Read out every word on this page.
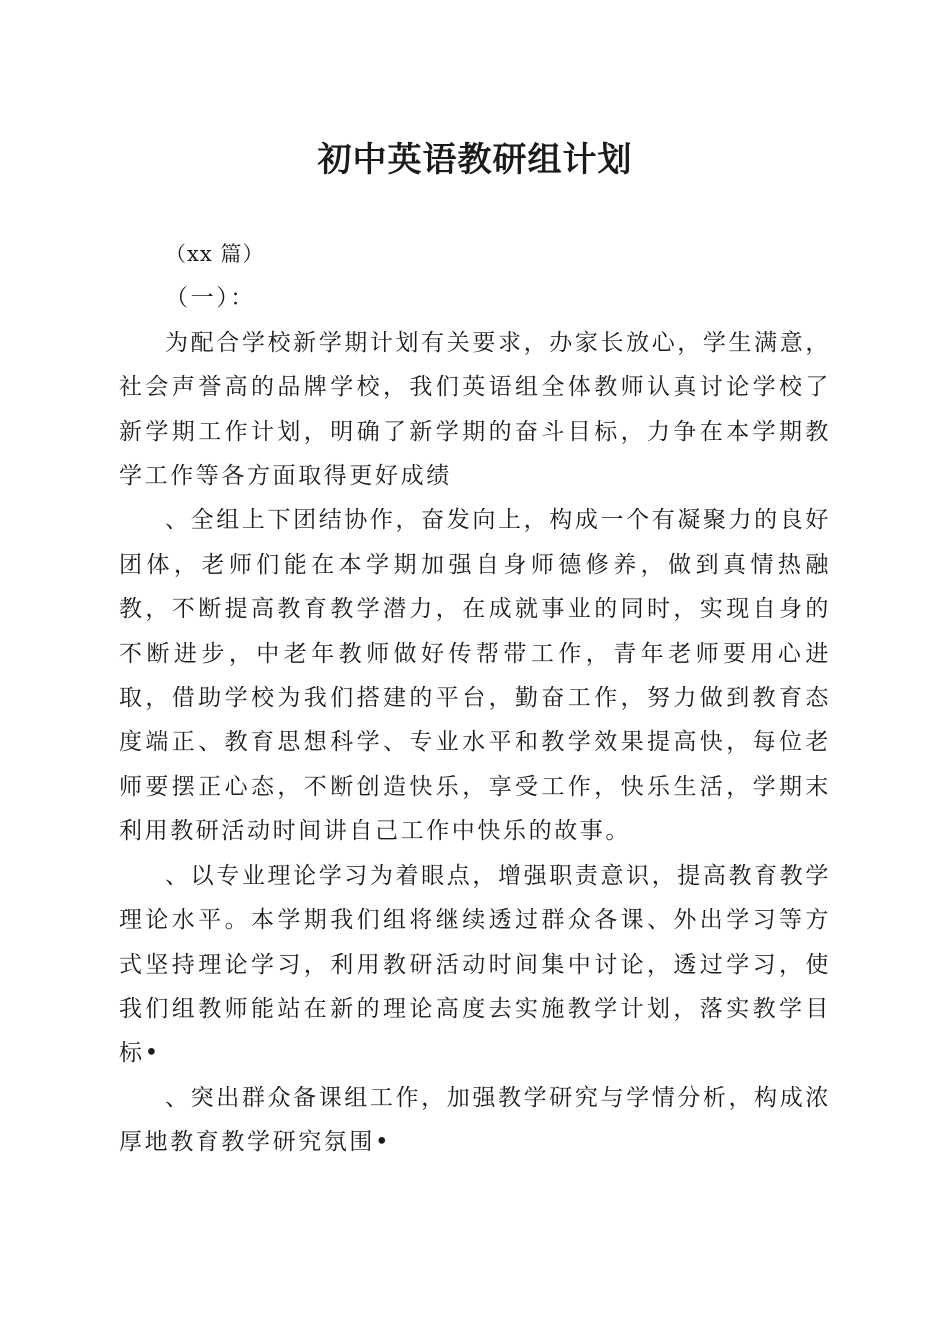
初中英语教研组计划

（xx 篇）

（一）：

为配合学校新学期计划有关要求，办家长放心，学生满意，社会声誉高的品牌学校，我们英语组全体教师认真讨论学校了新学期工作计划，明确了新学期的奋斗目标，力争在本学期教学工作等各方面取得更好成绩

、全组上下团结协作，奋发向上，构成一个有凝聚力的良好团体，老师们能在本学期加强自身师德修养，做到真情热融教，不断提高教育教学潜力，在成就事业的同时，实现自身的不断进步，中老年教师做好传帮带工作，青年老师要用心进取，借助学校为我们搭建的平台，勤奋工作，努力做到教育态度端正、教育思想科学、专业水平和教学效果提高快，每位老师要摆正心态，不断创造快乐，享受工作，快乐生活，学期末利用教研活动时间讲自己工作中快乐的故事。

、以专业理论学习为着眼点，增强职责意识，提高教育教学理论水平。本学期我们组将继续透过群众各课、外出学习等方式坚持理论学习，利用教研活动时间集中讨论，透过学习，使我们组教师能站在新的理论高度去实施教学计划，落实教学目标•

、突出群众备课组工作，加强教学研究与学情分析，构成浓厚地教育教学研究氛围•
